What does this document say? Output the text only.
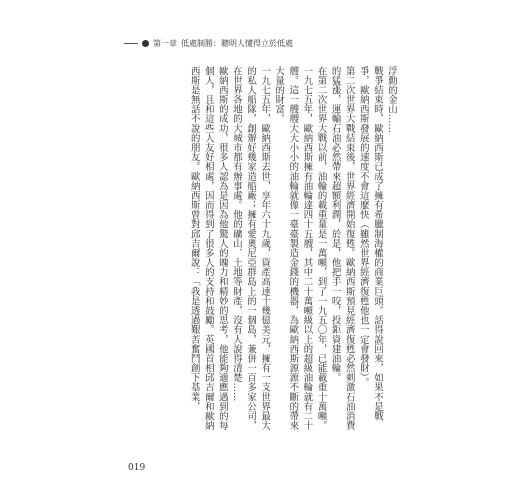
第一章 低處制勝：聰明人懂得立於低處

浮動的金山……

戰爭結束時，歐納西斯已成了擁有希臘制海權的商業巨頭。話得說回來，如果不是戰爭，歐納西斯發展的速度不會這麼快（雖然世界經濟復甦他也一定會發財）。

第二次世界大戰結束後，世界經濟開始復甦。歐納西斯預見經濟復甦必然刺激石油消費的猛漲，運輸石油必然帶來超額利潤，於是，他把手一咬，投鉅資建油輪。

在第二次世界大戰以前，油輪的載重量是一萬噸，到了一九五〇年，已能載重十萬噸。一九七五年，歐納西斯擁有油輪達四十五艘，其中二十萬噸級以上的超級油輪就有二十艘。這一艘艘大大小小的油輪就像一臺臺製造金錢的機器，為歐納西斯源源不斷的帶來大量的財富。

一九七五年，歐納西斯去世，享年六十九歲，資產高達十幾億美元，擁有一支世界最大的私人船隊，創辦好幾家造船廠；擁有愛奧尼亞群島上的一個島，兼併一百多家公司，在世界各地的大城市都有辦事處。他的礦山、土地等財產，沒有人說得清楚……

歐納西斯的成功，很多人認為是因為他驚人的魄力和精妙的思考，他能夠適應遇到的每個人，且和這些人友好相處，因而得到了很多人的支持和鼓勵。英國首相邱吉爾和歐納西斯是無話不說的朋友。歐納西斯曾對邱吉爾說：「我是透過艱苦奮鬥創下基業，

019
